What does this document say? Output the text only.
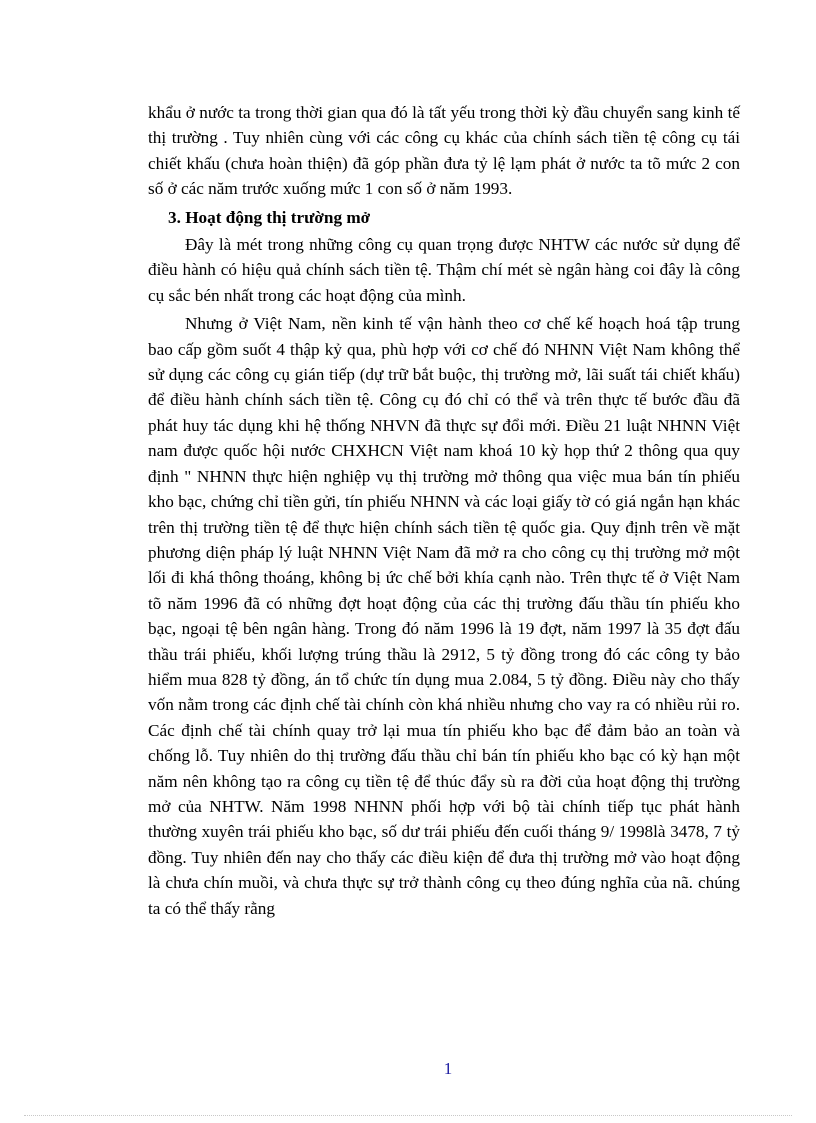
khẩu ở nước ta trong thời gian qua đó là tất yếu trong thời kỳ đầu chuyển sang kinh tế thị trường . Tuy nhiên cùng với các công cụ khác của chính sách tiền tệ công cụ tái chiết khấu (chưa hoàn thiện) đã góp phần đưa tỷ lệ lạm phát ở nước ta tõ mức 2 con số ở các năm trước xuống mức 1 con số ở năm 1993.

3. Hoạt động thị trường mở

Đây là mét trong những công cụ quan trọng được NHTW các nước sử dụng để điều hành có hiệu quả chính sách tiền tệ. Thậm chí mét sè ngân hàng coi đây là công cụ sắc bén nhất trong các hoạt động của mình.

Nhưng ở Việt Nam, nền kinh tế vận hành theo cơ chế kế hoạch hoá tập trung bao cấp gồm suốt 4 thập kỷ qua, phù hợp với cơ chế đó NHNN Việt Nam không thể sử dụng các công cụ gián tiếp (dự trữ bắt buộc, thị trường mở, lãi suất tái chiết khấu) để điều hành chính sách tiền tệ. Công cụ đó chỉ có thể và trên thực tế bước đầu đã phát huy tác dụng khi hệ thống NHVN đã thực sự đổi mới. Điều 21 luật NHNN Việt nam được quốc hội nước CHXHCN Việt nam khoá 10 kỳ họp thứ 2 thông qua quy định " NHNN thực hiện nghiệp vụ thị trường mở thông qua việc mua bán tín phiếu kho bạc, chứng chỉ tiền gửi, tín phiếu NHNN và các loại giấy tờ có giá ngắn hạn khác trên thị trường tiền tệ để thực hiện chính sách tiền tệ quốc gia. Quy định trên về mặt phương diện pháp lý luật NHNN Việt Nam đã mở ra cho công cụ thị trường mở một lối đi khá thông thoáng, không bị ức chế bởi khía cạnh nào. Trên thực tế ở Việt Nam tõ năm 1996 đã có những đợt hoạt động của các thị trường đấu thầu tín phiếu kho bạc, ngoại tệ bên ngân hàng. Trong đó năm 1996 là 19 đợt, năm 1997 là 35 đợt đấu thầu trái phiếu, khối lượng trúng thầu là 2912, 5 tỷ đồng trong đó các công ty bảo hiểm mua 828 tỷ đồng, án tổ chức tín dụng mua 2.084, 5 tỷ đồng. Điều này cho thấy vốn nằm trong các định chế tài chính còn khá nhiều nhưng cho vay ra có nhiều rủi ro. Các định chế tài chính quay trở lại mua tín phiếu kho bạc để đảm bảo an toàn và chống lỗ. Tuy nhiên do thị trường đấu thầu chỉ bán tín phiếu kho bạc có kỳ hạn một năm nên không tạo ra công cụ tiền tệ để thúc đẩy sù ra đời của hoạt động thị trường mở của NHTW. Năm 1998 NHNN phối hợp với bộ tài chính tiếp tục phát hành thường xuyên trái phiếu kho bạc, số dư trái phiếu đến cuối tháng 9/ 1998là 3478, 7 tỷ đồng. Tuy nhiên đến nay cho thấy các điều kiện để đưa thị trường mở vào hoạt động là chưa chín muồi, và chưa thực sự trở thành công cụ theo đúng nghĩa của nã. chúng ta có thể thấy rằng

1
